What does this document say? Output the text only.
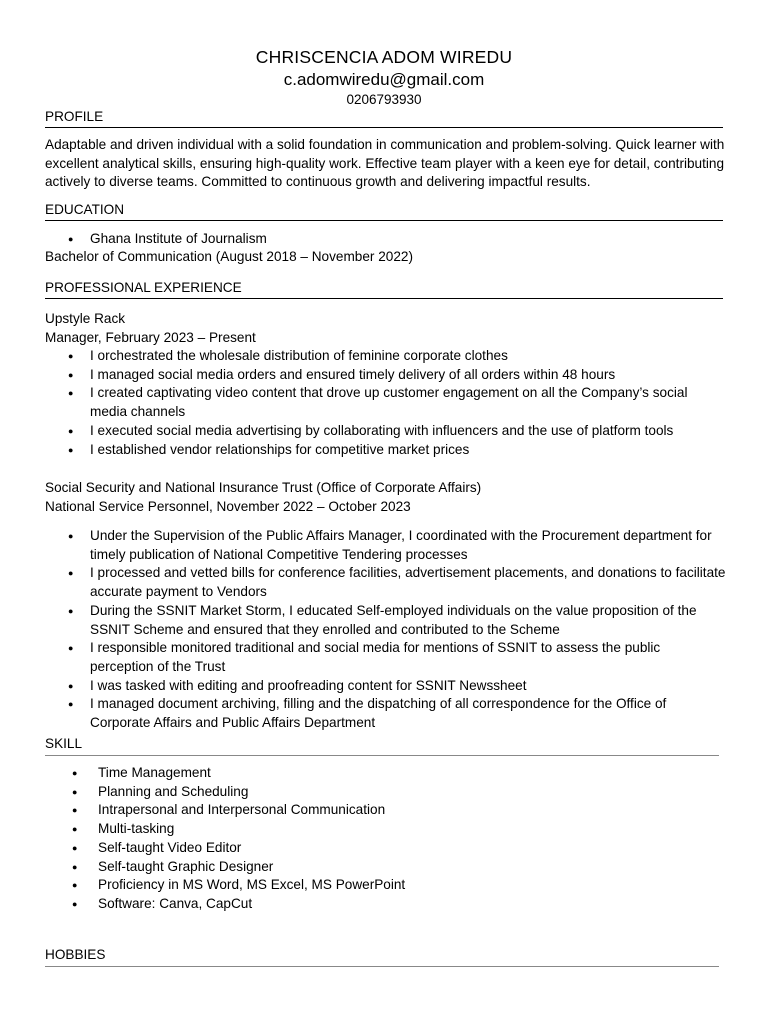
CHRISCENCIA ADOM WIREDU
c.adomwiredu@gmail.com
0206793930
PROFILE
Adaptable and driven individual with a solid foundation in communication and problem-solving. Quick learner with excellent analytical skills, ensuring high-quality work. Effective team player with a keen eye for detail, contributing actively to diverse teams. Committed to continuous growth and delivering impactful results.
EDUCATION
● Ghana Institute of Journalism
Bachelor of Communication (August 2018 – November 2022)
PROFESSIONAL EXPERIENCE
Upstyle Rack
Manager, February 2023 – Present
● I orchestrated the wholesale distribution of feminine corporate clothes
● I managed social media orders and ensured timely delivery of all orders within 48 hours
● I created captivating video content that drove up customer engagement on all the Company’s social media channels
● I executed social media advertising by collaborating with influencers and the use of platform tools
● I established vendor relationships for competitive market prices
Social Security and National Insurance Trust (Office of Corporate Affairs)
National Service Personnel, November 2022 – October 2023
● Under the Supervision of the Public Affairs Manager, I coordinated with the Procurement department for timely publication of National Competitive Tendering processes
● I processed and vetted bills for conference facilities, advertisement placements, and donations to facilitate accurate payment to Vendors
● During the SSNIT Market Storm, I educated Self-employed individuals on the value proposition of the SSNIT Scheme and ensured that they enrolled and contributed to the Scheme
● I responsible monitored traditional and social media for mentions of SSNIT to assess the public perception of the Trust
● I was tasked with editing and proofreading content for SSNIT Newssheet
● I managed document archiving, filling and the dispatching of all correspondence for the Office of Corporate Affairs and Public Affairs Department
SKILL
● Time Management
● Planning and Scheduling
● Intrapersonal and Interpersonal Communication
● Multi-tasking
● Self-taught Video Editor
● Self-taught Graphic Designer
● Proficiency in MS Word, MS Excel, MS PowerPoint
● Software: Canva, CapCut
HOBBIES
